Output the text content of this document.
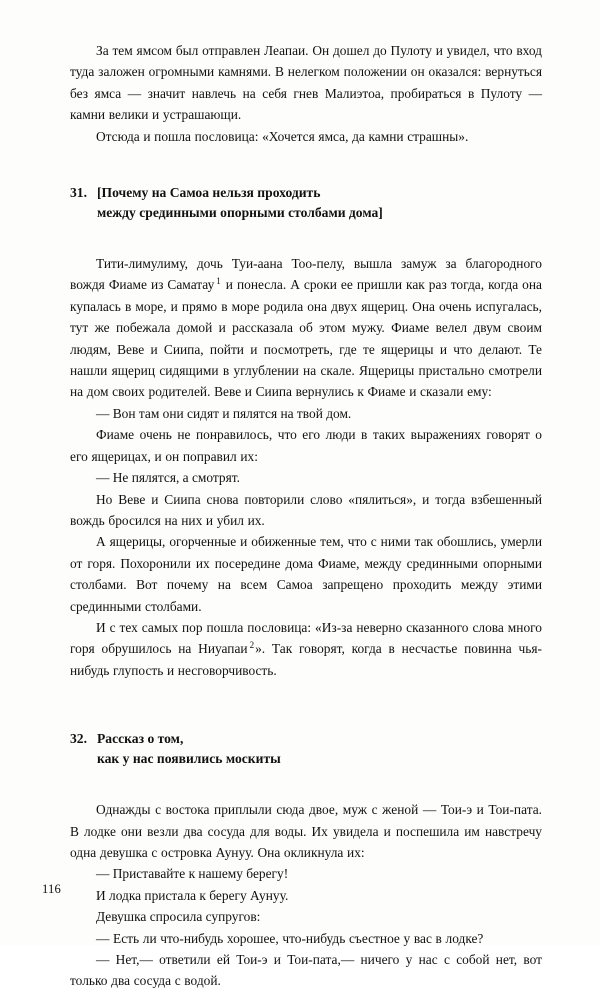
За тем ямсом был отправлен Леапаи. Он дошел до Пулоту и увидел, что вход туда заложен огромными камнями. В нелегком положении он оказался: вернуться без ямса — значит навлечь на себя гнев Малиэтоа, пробираться в Пулоту — камни велики и устрашающи.

Отсюда и пошла пословица: «Хочется ямса, да камни страшны».

31. [Почему на Самоа нельзя проходить
между срединными опорными столбами дома]

Тити-лимулиму, дочь Туи-аана Тоо-пелу, вышла замуж за благородного вождя Фиаме из Саматау $^1$ и понесла. А сроки ее пришли как раз тогда, когда она купалась в море, и прямо в море родила она двух ящериц. Она очень испугалась, тут же побежала домой и рассказала об этом мужу. Фиаме велел двум своим людям, Веве и Сиипа, пойти и посмотреть, где те ящерицы и что делают. Те нашли ящериц сидящими в углублении на скале. Ящерицы пристально смотрели на дом своих родителей. Веве и Сиипа вернулись к Фиаме и сказали ему:

— Вон там они сидят и пялятся на твой дом.

Фиаме очень не понравилось, что его люди в таких выражениях говорят о его ящерицах, и он поправил их:

— Не пялятся, а смотрят.

Но Веве и Сиипа снова повторили слово «пялиться», и тогда взбешенный вождь бросился на них и убил их.

А ящерицы, огорченные и обиженные тем, что с ними так обошлись, умерли от горя. Похоронили их посередине дома Фиаме, между срединными опорными столбами. Вот почему на всем Самоа запрещено проходить между этими срединными столбами.

И с тех самых пор пошла пословица: «Из-за неверно сказанного слова много горя обрушилось на Ниуапаи $^2$». Так говорят, когда в несчастье повинна чья-нибудь глупость и несговорчивость.

32. Рассказ о том,
как у нас появились москиты

Однажды с востока приплыли сюда двое, муж с женой — Тои-э и Тои-пата. В лодке они везли два сосуда для воды. Их увидела и поспешила им навстречу одна девушка с островка Аунуу. Она окликнула их:

— Приставайте к нашему берегу!

И лодка пристала к берегу Аунуу.

Девушка спросила супругов:

— Есть ли что-нибудь хорошее, что-нибудь съестное у вас в лодке?

— Нет,— ответили ей Тои-э и Тои-пата,— ничего у нас с собой нет, вот только два сосуда с водой.

116
